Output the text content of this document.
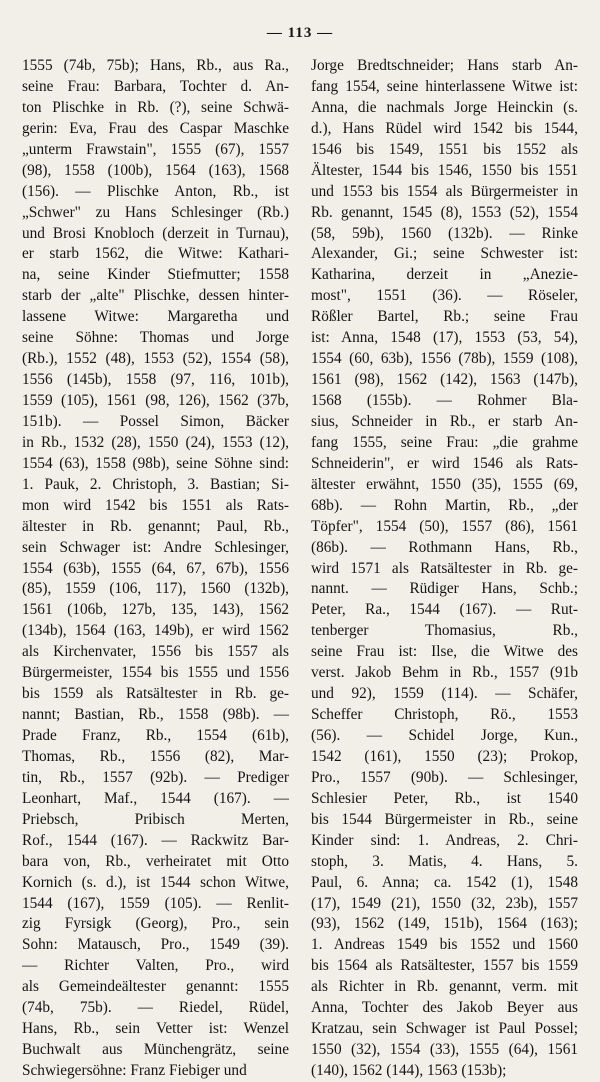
— 113 —
1555 (74b, 75b); Hans, Rb., aus Ra.,
seine Frau: Barbara, Tochter d. An-
ton Plischke in Rb. (?), seine Schwä-
gerin: Eva, Frau des Caspar Maschke
„unterm Frawstain", 1555 (67), 1557
(98), 1558 (100b), 1564 (163), 1568
(156). — Plischke Anton, Rb., ist
„Schwer" zu Hans Schlesinger (Rb.)
und Brosi Knobloch (derzeit in Turnau),
er starb 1562, die Witwe: Kathari-
na, seine Kinder Stiefmutter; 1558
starb der „alte" Plischke, dessen hinter-
lassene Witwe: Margaretha und
seine Söhne: Thomas und Jorge
(Rb.), 1552 (48), 1553 (52), 1554 (58),
1556 (145b), 1558 (97, 116, 101b),
1559 (105), 1561 (98, 126), 1562 (37b,
151b). — Possel Simon, Bäcker
in Rb., 1532 (28), 1550 (24), 1553 (12),
1554 (63), 1558 (98b), seine Söhne sind:
1. Pauk, 2. Christoph, 3. Bastian; Si-
mon wird 1542 bis 1551 als Rats-
ältester in Rb. genannt; Paul, Rb.,
sein Schwager ist: Andre Schlesinger,
1554 (63b), 1555 (64, 67, 67b), 1556
(85), 1559 (106, 117), 1560 (132b),
1561 (106b, 127b, 135, 143), 1562
(134b), 1564 (163, 149b), er wird 1562
als Kirchenvater, 1556 bis 1557 als
Bürgermeister, 1554 bis 1555 und 1556
bis 1559 als Ratsältester in Rb. ge-
nannt; Bastian, Rb., 1558 (98b). —
Prade Franz, Rb., 1554 (61b),
Thomas, Rb., 1556 (82), Mar-
tin, Rb., 1557 (92b). — Prediger
Leonhart, Maf., 1544 (167). —
Priebsch, Pribisch Merten,
Rof., 1544 (167). — Rackwitz Bar-
bara von, Rb., verheiratet mit Otto
Kornich (s. d.), ist 1544 schon Witwe,
1544 (167), 1559 (105). — Renlit-
zig Fyrsigk (Georg), Pro., sein
Sohn: Matausch, Pro., 1549 (39).
— Richter Valten, Pro., wird
als Gemeindeältester genannt: 1555
(74b, 75b). — Riedel, Rüdel,
Hans, Rb., sein Vetter ist: Wenzel
Buchwalt aus Münchengrätz, seine
Schwiegersöhne: Franz Fiebiger und
Jorge Bredtschneider; Hans starb An-
fang 1554, seine hinterlassene Witwe ist:
Anna, die nachmals Jorge Heinckin (s.
d.), Hans Rüdel wird 1542 bis 1544,
1546 bis 1549, 1551 bis 1552 als
Ältester, 1544 bis 1546, 1550 bis 1551
und 1553 bis 1554 als Bürgermeister in
Rb. genannt, 1545 (8), 1553 (52), 1554
(58, 59b), 1560 (132b). — Rinke
Alexander, Gi.; seine Schwester ist:
Katharina, derzeit in „Anezie-
most", 1551 (36). — Röseler,
Rößler Bartel, Rb.; seine Frau
ist: Anna, 1548 (17), 1553 (53, 54),
1554 (60, 63b), 1556 (78b), 1559 (108),
1561 (98), 1562 (142), 1563 (147b),
1568 (155b). — Rohmer Bla-
sius, Schneider in Rb., er starb An-
fang 1555, seine Frau: „die grahme
Schneiderin", er wird 1546 als Rats-
ältester erwähnt, 1550 (35), 1555 (69,
68b). — Rohn Martin, Rb., „der
Töpfer", 1554 (50), 1557 (86), 1561
(86b). — Rothmann Hans, Rb.,
wird 1571 als Ratsältester in Rb. ge-
nannt. — Rüdiger Hans, Schb.;
Peter, Ra., 1544 (167). — Rut-
tenberger Thomasius, Rb.,
seine Frau ist: Ilse, die Witwe des
verst. Jakob Behm in Rb., 1557 (91b
und 92), 1559 (114). — Schäfer,
Scheffer Christoph, Rö., 1553
(56). — Schidel Jorge, Kun.,
1542 (161), 1550 (23); Prokop,
Pro., 1557 (90b). — Schlesinger,
Schlesier Peter, Rb., ist 1540
bis 1544 Bürgermeister in Rb., seine
Kinder sind: 1. Andreas, 2. Chri-
stoph, 3. Matis, 4. Hans, 5.
Paul, 6. Anna; ca. 1542 (1), 1548
(17), 1549 (21), 1550 (32, 23b), 1557
(93), 1562 (149, 151b), 1564 (163);
1. Andreas 1549 bis 1552 und 1560
bis 1564 als Ratsältester, 1557 bis 1559
als Richter in Rb. genannt, verm. mit
Anna, Tochter des Jakob Beyer aus
Kratzau, sein Schwager ist Paul Possel;
1550 (32), 1554 (33), 1555 (64), 1561
(140), 1562 (144), 1563 (153b);
